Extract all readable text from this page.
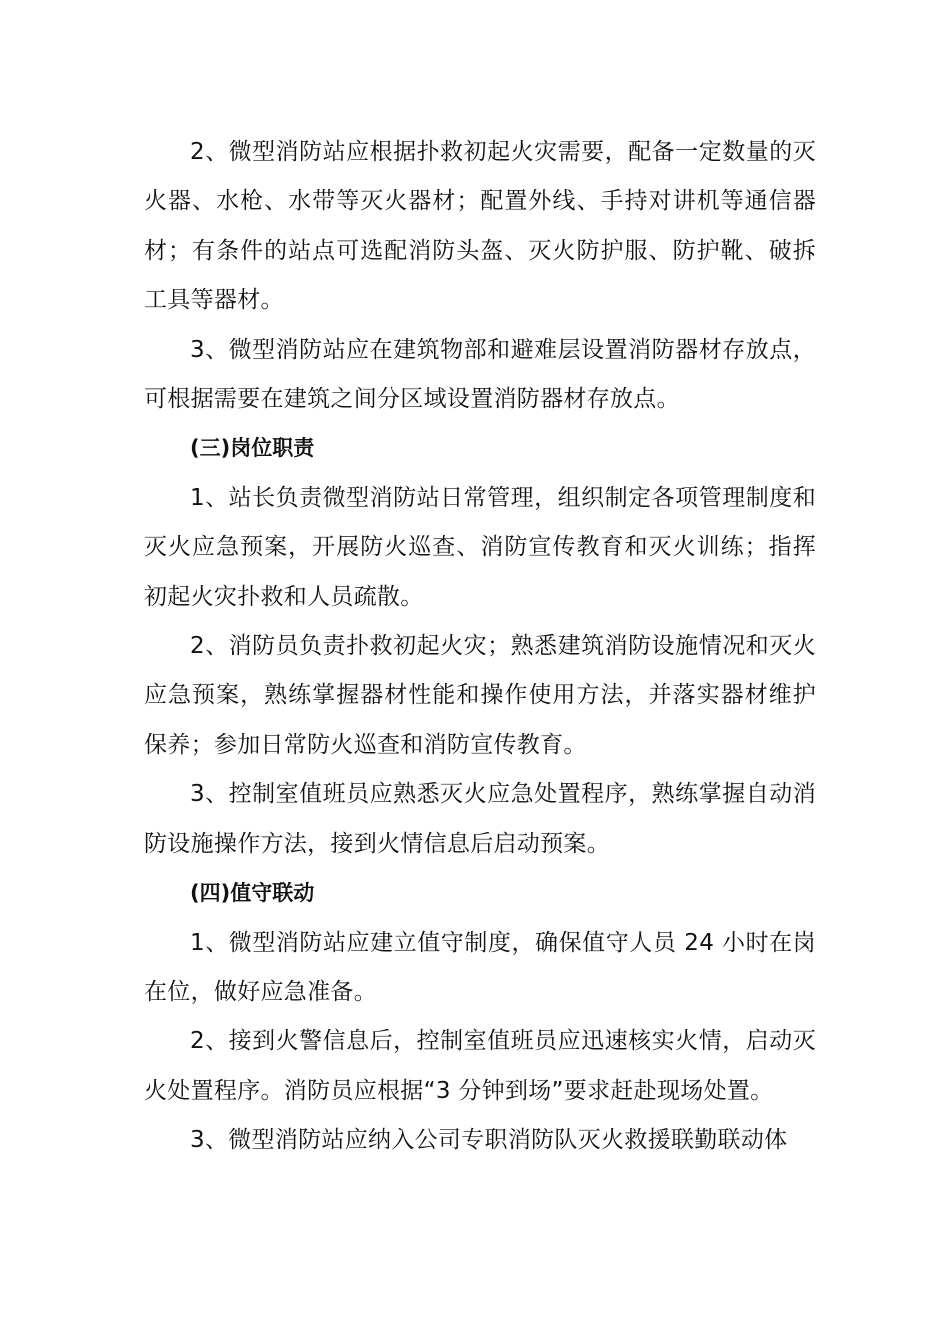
2、微型消防站应根据扑救初起火灾需要，配备一定数量的灭火器、水枪、水带等灭火器材；配置外线、手持对讲机等通信器材；有条件的站点可选配消防头盔、灭火防护服、防护靴、破拆工具等器材。

3、微型消防站应在建筑物部和避难层设置消防器材存放点，可根据需要在建筑之间分区域设置消防器材存放点。

(三)岗位职责

1、站长负责微型消防站日常管理，组织制定各项管理制度和灭火应急预案，开展防火巡查、消防宣传教育和灭火训练；指挥初起火灾扑救和人员疏散。

2、消防员负责扑救初起火灾；熟悉建筑消防设施情况和灭火应急预案，熟练掌握器材性能和操作使用方法，并落实器材维护保养；参加日常防火巡查和消防宣传教育。

3、控制室值班员应熟悉灭火应急处置程序，熟练掌握自动消防设施操作方法，接到火情信息后启动预案。

(四)值守联动

1、微型消防站应建立值守制度，确保值守人员 24 小时在岗在位，做好应急准备。

2、接到火警信息后，控制室值班员应迅速核实火情，启动灭火处置程序。消防员应根据“3 分钟到场”要求赶赴现场处置。

3、微型消防站应纳入公司专职消防队灭火救援联勤联动体
